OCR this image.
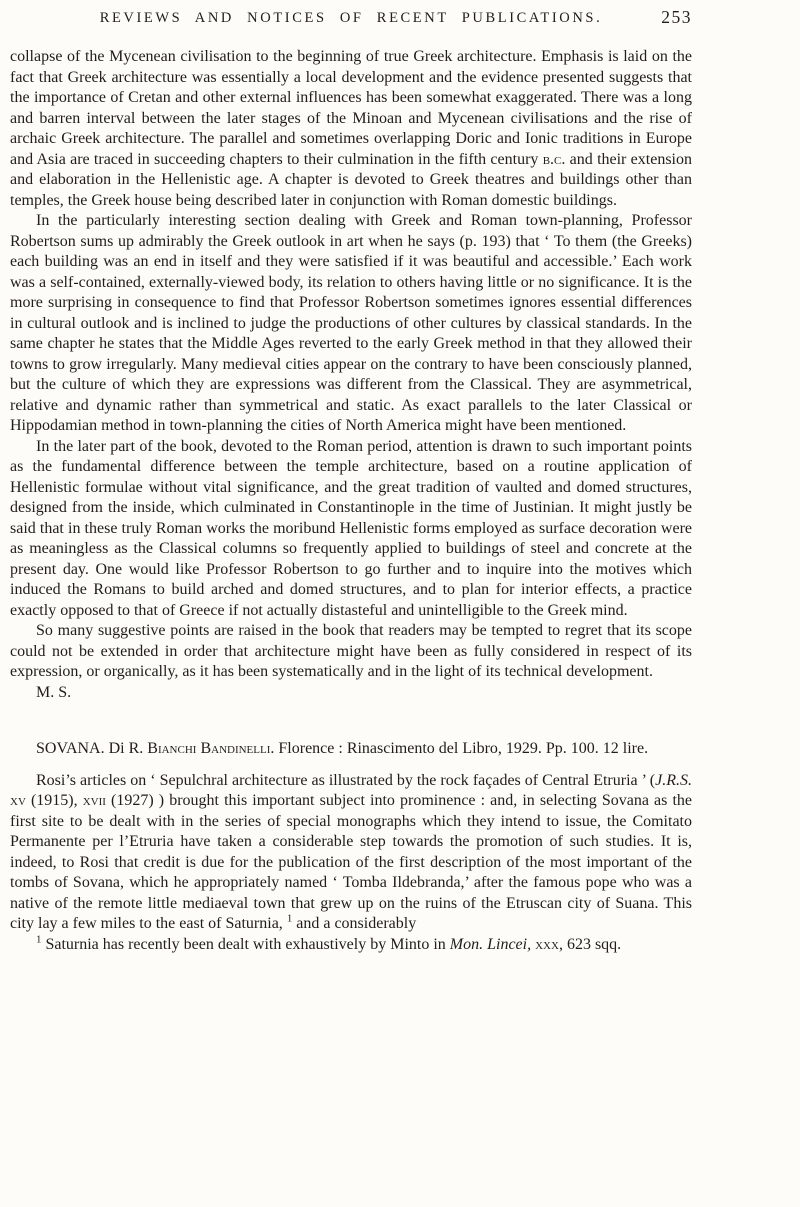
REVIEWS AND NOTICES OF RECENT PUBLICATIONS.	253

collapse of the Mycenean civilisation to the beginning of true Greek architecture. Emphasis is laid on the fact that Greek architecture was essentially a local development and the evidence presented suggests that the importance of Cretan and other external influences has been somewhat exaggerated. There was a long and barren interval between the later stages of the Minoan and Mycenean civilisations and the rise of archaic Greek architecture. The parallel and sometimes overlapping Doric and Ionic traditions in Europe and Asia are traced in succeeding chapters to their culmination in the fifth century b.c. and their extension and elaboration in the Hellenistic age. A chapter is devoted to Greek theatres and buildings other than temples, the Greek house being described later in conjunction with Roman domestic buildings.

In the particularly interesting section dealing with Greek and Roman town-planning, Professor Robertson sums up admirably the Greek outlook in art when he says (p. 193) that ‘ To them (the Greeks) each building was an end in itself and they were satisfied if it was beautiful and accessible.’ Each work was a self-contained, externally-viewed body, its relation to others having little or no significance. It is the more surprising in consequence to find that Professor Robertson sometimes ignores essential differences in cultural outlook and is inclined to judge the productions of other cultures by classical standards. In the same chapter he states that the Middle Ages reverted to the early Greek method in that they allowed their towns to grow irregularly. Many medieval cities appear on the contrary to have been consciously planned, but the culture of which they are expressions was different from the Classical. They are asymmetrical, relative and dynamic rather than symmetrical and static. As exact parallels to the later Classical or Hippodamian method in town-planning the cities of North America might have been mentioned.

In the later part of the book, devoted to the Roman period, attention is drawn to such important points as the fundamental difference between the temple architecture, based on a routine application of Hellenistic formulae without vital significance, and the great tradition of vaulted and domed structures, designed from the inside, which culminated in Constantinople in the time of Justinian. It might justly be said that in these truly Roman works the moribund Hellenistic forms employed as surface decoration were as meaningless as the Classical columns so frequently applied to buildings of steel and concrete at the present day. One would like Professor Robertson to go further and to inquire into the motives which induced the Romans to build arched and domed structures, and to plan for interior effects, a practice exactly opposed to that of Greece if not actually distasteful and unintelligible to the Greek mind.

So many suggestive points are raised in the book that readers may be tempted to regret that its scope could not be extended in order that architecture might have been as fully considered in respect of its expression, or organically, as it has been systematically and in the light of its technical development.

M. S.

SOVANA. Di R. Bianchi Bandinelli. Florence : Rinascimento del Libro, 1929. Pp. 100. 12 lire.

Rosi’s articles on ‘ Sepulchral architecture as illustrated by the rock façades of Central Etruria ’ (J.R.S. xv (1915), xvii (1927) ) brought this important subject into prominence : and, in selecting Sovana as the first site to be dealt with in the series of special monographs which they intend to issue, the Comitato Permanente per l’Etruria have taken a considerable step towards the promotion of such studies. It is, indeed, to Rosi that credit is due for the publication of the first description of the most important of the tombs of Sovana, which he appropriately named ‘ Tomba Ildebranda,’ after the famous pope who was a native of the remote little mediaeval town that grew up on the ruins of the Etruscan city of Suana. This city lay a few miles to the east of Saturnia, $^1$ and a considerably

$^1$ Saturnia has recently been dealt with exhaustively by Minto in Mon. Lincei, xxx, 623 sqq.
